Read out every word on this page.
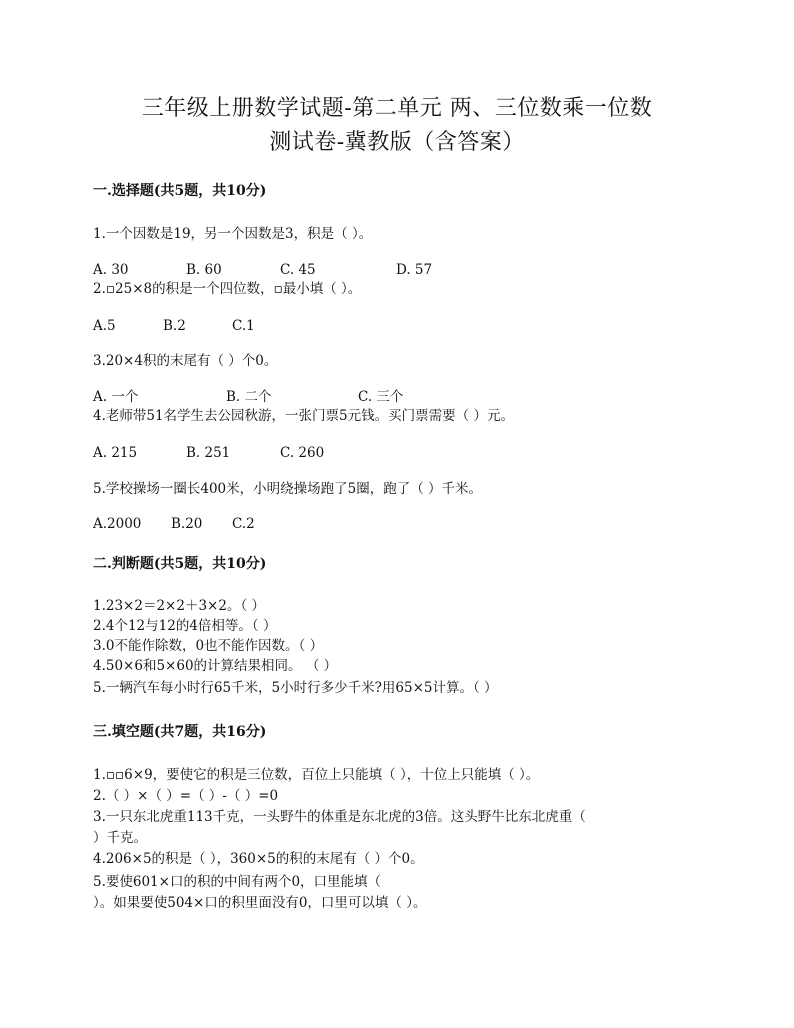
三年级上册数学试题-第二单元 两、三位数乘一位数
测试卷-冀教版（含答案）
一.选择题(共5题，共10分)
1.一个因数是19，另一个因数是3，积是（ ）。
A. 30	B. 60	C. 45	D. 57
2.▫25×8的积是一个四位数，▫最小填（ ）。
A.5	B.2	C.1
3.20×4积的末尾有（ ）个0。
A. 一个	B. 二个	C. 三个
4.老师带51名学生去公园秋游，一张门票5元钱。买门票需要（ ）元。
A. 215	B. 251	C. 260
5.学校操场一圈长400米，小明绕操场跑了5圈，跑了（ ）千米。
A.2000 B.20 C.2
二.判断题(共5题，共10分)
1.23×2＝2×2＋3×2。（ ）
2.4个12与12的4倍相等。（ ）
3.0不能作除数，0也不能作因数。（ ）
4.50×6和5×60的计算结果相同。 （ ）
5.一辆汽车每小时行65千米，5小时行多少千米?用65×5计算。（ ）
三.填空题(共7题，共16分)
1.▫▫6×9，要使它的积是三位数，百位上只能填（ ），十位上只能填（ ）。
2.（ ）×（ ）=（ ）-（ ）=0
3.一只东北虎重113千克，一头野牛的体重是东北虎的3倍。这头野牛比东北虎重（
）千克。
4.206×5的积是（ ），360×5的积的末尾有（ ）个0。
5.要使601×口的积的中间有两个0，口里能填（
）。如果要使504×口的积里面没有0，口里可以填（ ）。
